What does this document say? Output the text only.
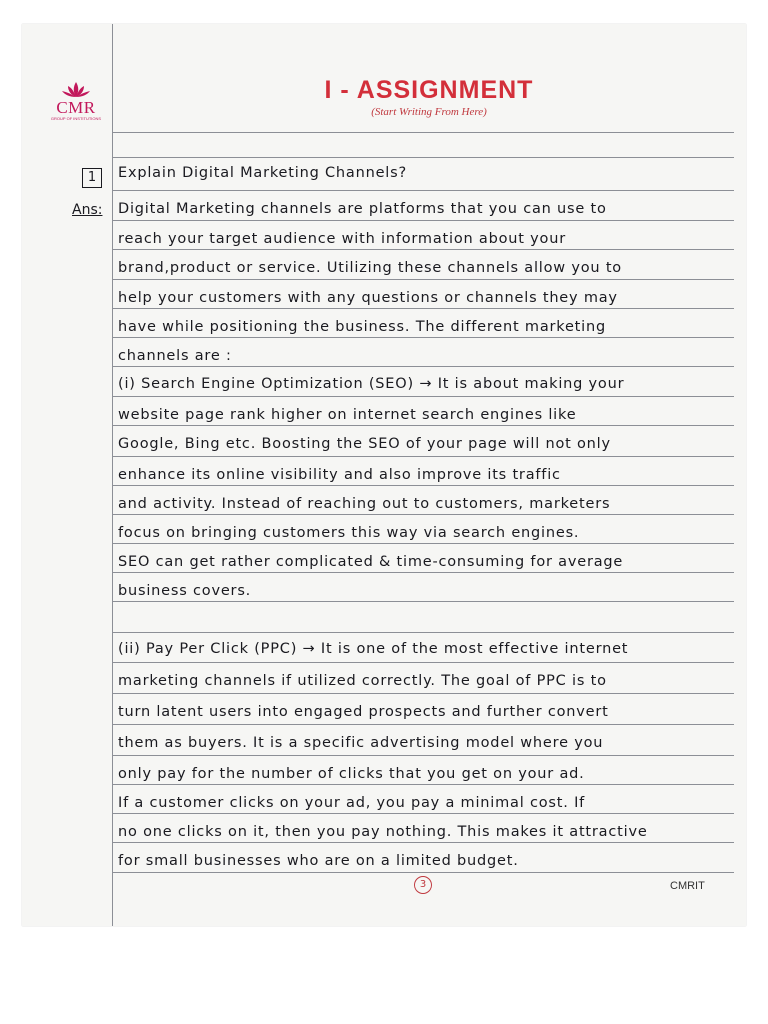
CMR
GROUP OF INSTITUTIONS
I - ASSIGNMENT
(Start Writing From Here)
1	Explain Digital Marketing Channels?
Ans: Digital Marketing channels are platforms that you can use to
reach your target audience with information about your
brand,product or service. Utilizing these channels allow you to
help your customers with any questions or channels they may
have while positioning the business. The different marketing
channels are :
(i) Search Engine Optimization (SEO) → It is about making your
website page rank higher on internet search engines like
Google, Bing etc. Boosting the SEO of your page will not only
enhance its online visibility and also improve its traffic
and activity. Instead of reaching out to customers, marketers
focus on bringing customers this way via search engines.
SEO can get rather complicated & time-consuming for average
business covers.
(ii) Pay Per Click (PPC) → It is one of the most effective internet
marketing channels if utilized correctly. The goal of PPC is to
turn latent users into engaged prospects and further convert
them as buyers. It is a specific advertising model where you
only pay for the number of clicks that you get on your ad.
If a customer clicks on your ad, you pay a minimal cost. If
no one clicks on it, then you pay nothing. This makes it attractive
for small businesses who are on a limited budget.
3	CMRIT
